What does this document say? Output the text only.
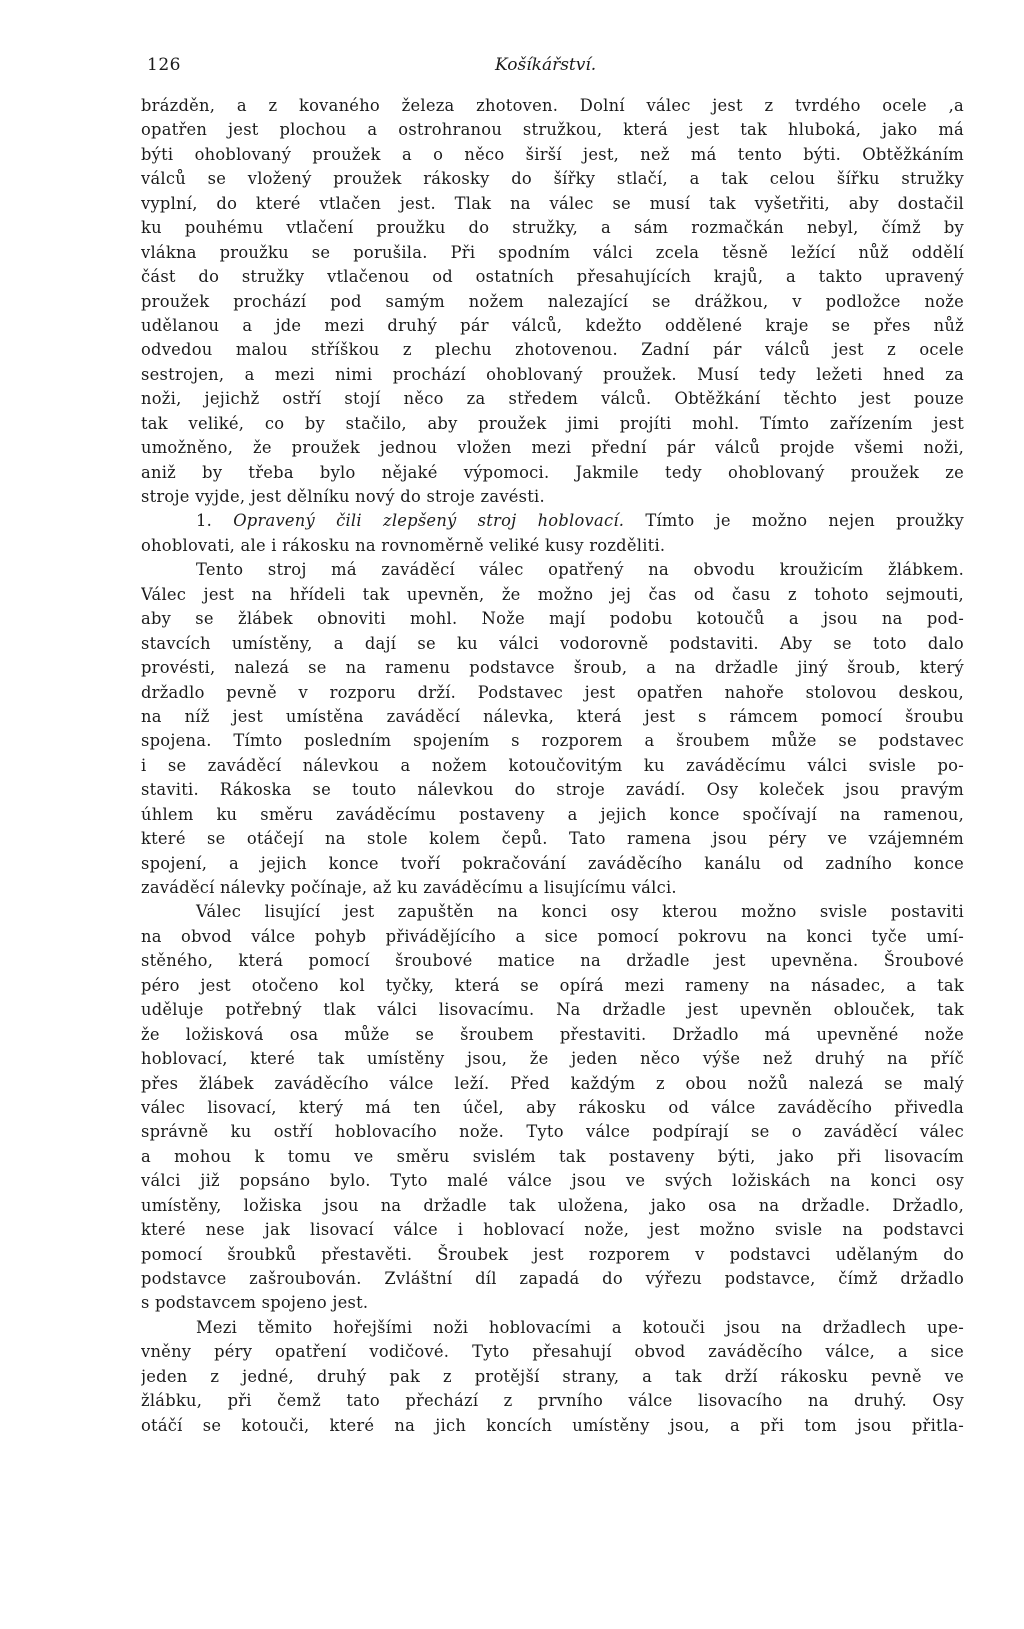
126	Košíkářství.
brázděn, a z kovaného železa zhotoven. Dolní válec jest z tvrdého ocele ,a
opatřen jest plochou a ostrohranou stružkou, která jest tak hluboká, jako má
býti ohoblovaný proužek a o něco širší jest, než má tento býti. Obtěžkáním
válců se vložený proužek rákosky do šířky stlačí, a tak celou šířku stružky
vyplní, do které vtlačen jest. Tlak na válec se musí tak vyšetřiti, aby dostačil
ku pouhému vtlačení proužku do stružky, a sám rozmačkán nebyl, čímž by
vlákna proužku se porušila. Při spodním válci zcela těsně ležící nůž oddělí
část do stružky vtlačenou od ostatních přesahujících krajů, a takto upravený
proužek prochází pod samým nožem nalezající se drážkou, v podložce nože
udělanou a jde mezi druhý pár válců, kdežto oddělené kraje se přes nůž
odvedou malou stříškou z plechu zhotovenou. Zadní pár válců jest z ocele
sestrojen, a mezi nimi prochází ohoblovaný proužek. Musí tedy ležeti hned za
noži, jejichž ostří stojí něco za středem válců. Obtěžkání těchto jest pouze
tak veliké, co by stačilo, aby proužek jimi projíti mohl. Tímto zařízením jest
umožněno, že proužek jednou vložen mezi přední pár válců projde všemi noži,
aniž by třeba bylo nějaké výpomoci. Jakmile tedy ohoblovaný proužek ze
stroje vyjde, jest dělníku nový do stroje zavésti.
1. Opravený čili zlepšený stroj hoblovací. Tímto je možno nejen proužky
ohoblovati, ale i rákosku na rovnoměrně veliké kusy rozděliti.
Tento stroj má zaváděcí válec opatřený na obvodu kroužicím žlábkem.
Válec jest na hřídeli tak upevněn, že možno jej čas od času z tohoto sejmouti,
aby se žlábek obnoviti mohl. Nože mají podobu kotoučů a jsou na pod-
stavcích umístěny, a dají se ku válci vodorovně podstaviti. Aby se toto dalo
provésti, nalezá se na ramenu podstavce šroub, a na držadle jiný šroub, který
držadlo pevně v rozporu drží. Podstavec jest opatřen nahoře stolovou deskou,
na níž jest umístěna zaváděcí nálevka, která jest s rámcem pomocí šroubu
spojena. Tímto posledním spojením s rozporem a šroubem může se podstavec
i se zaváděcí nálevkou a nožem kotoučovitým ku zaváděcímu válci svisle po-
staviti. Rákoska se touto nálevkou do stroje zavádí. Osy koleček jsou pravým
úhlem ku směru zaváděcímu postaveny a jejich konce spočívají na ramenou,
které se otáčejí na stole kolem čepů. Tato ramena jsou péry ve vzájemném
spojení, a jejich konce tvoří pokračování zaváděcího kanálu od zadního konce
zaváděcí nálevky počínaje, až ku zaváděcímu a lisujícímu válci.
Válec lisující jest zapuštěn na konci osy kterou možno svisle postaviti
na obvod válce pohyb přivádějícího a sice pomocí pokrovu na konci tyče umí-
stěného, která pomocí šroubové matice na držadle jest upevněna. Šroubové
péro jest otočeno kol tyčky, která se opírá mezi rameny na násadec, a tak
uděluje potřebný tlak válci lisovacímu. Na držadle jest upevněn oblouček, tak
že ložisková osa může se šroubem přestaviti. Držadlo má upevněné nože
hoblovací, které tak umístěny jsou, že jeden něco výše než druhý na příč
přes žlábek zaváděcího válce leží. Před každým z obou nožů nalezá se malý
válec lisovací, který má ten účel, aby rákosku od válce zaváděcího přivedla
správně ku ostří hoblovacího nože. Tyto válce podpírají se o zaváděcí válec
a mohou k tomu ve směru svislém tak postaveny býti, jako při lisovacím
válci již popsáno bylo. Tyto malé válce jsou ve svých ložiskách na konci osy
umístěny, ložiska jsou na držadle tak uložena, jako osa na držadle. Držadlo,
které nese jak lisovací válce i hoblovací nože, jest možno svisle na podstavci
pomocí šroubků přestavěti. Šroubek jest rozporem v podstavci udělaným do
podstavce zašroubován. Zvláštní díl zapadá do výřezu podstavce, čímž držadlo
s podstavcem spojeno jest.
Mezi těmito hořejšími noži hoblovacími a kotouči jsou na držadlech upe-
vněny péry opatření vodičové. Tyto přesahují obvod zaváděcího válce, a sice
jeden z jedné, druhý pak z protější strany, a tak drží rákosku pevně ve
žlábku, při čemž tato přechází z prvního válce lisovacího na druhý. Osy
otáčí se kotouči, které na jich koncích umístěny jsou, a při tom jsou přitla-
